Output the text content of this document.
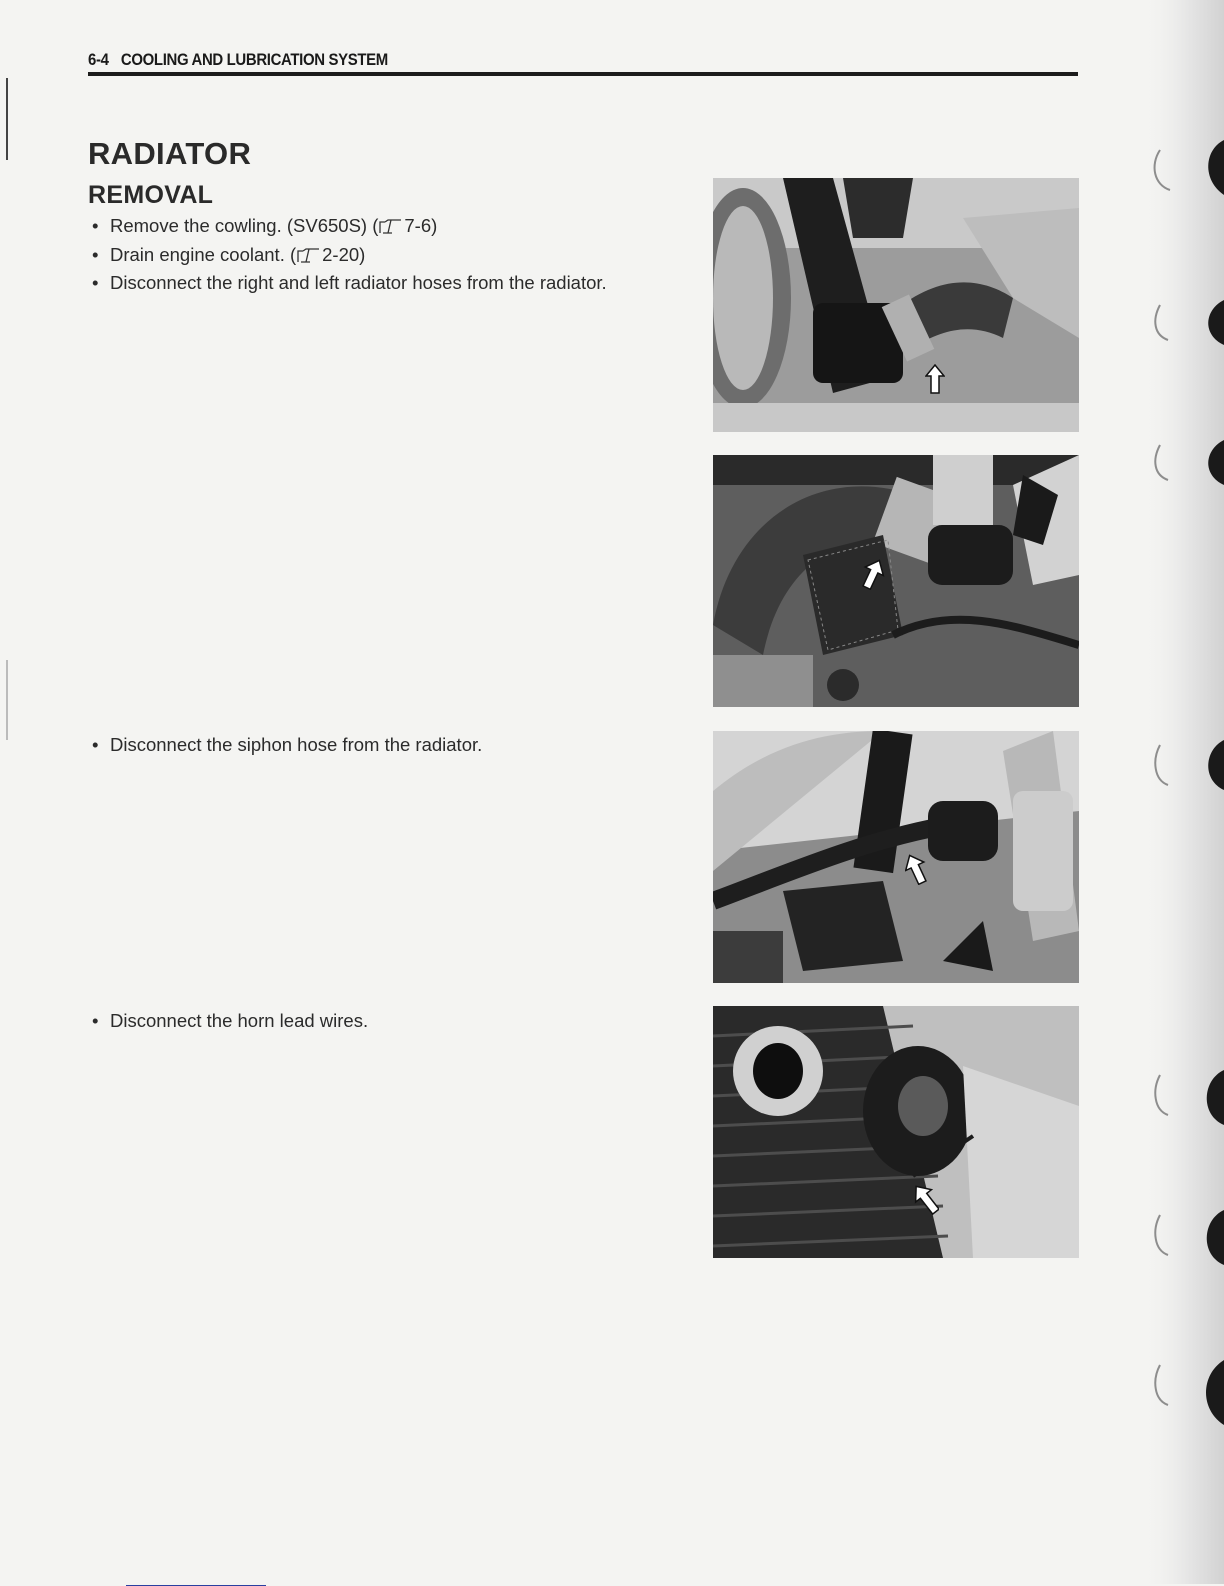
6-4 COOLING AND LUBRICATION SYSTEM
RADIATOR
REMOVAL
• Remove the cowling. (SV650S) ( 7-6)
• Drain engine coolant. ( 2-20)
• Disconnect the right and left radiator hoses from the radiator.
• Disconnect the siphon hose from the radiator.
• Disconnect the horn lead wires.
